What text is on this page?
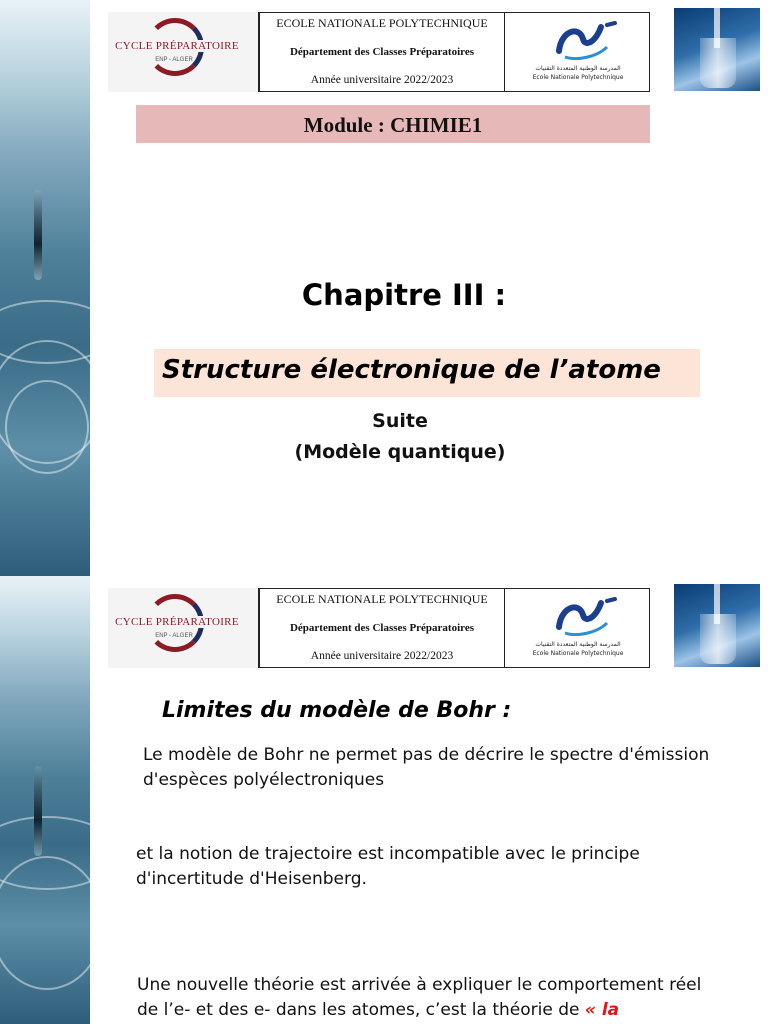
CYCLE PRÉPARATOIRE
ENP - ALGER
ECOLE NATIONALE POLYTECHNIQUE
Département des Classes Préparatoires
Année universitaire 2022/2023
المدرسة الوطنية المتعددة التقنيات
Ecole Nationale Polytechnique
Module : CHIMIE1
Chapitre III :
Structure électronique de l’atome
Suite
(Modèle quantique)
CYCLE PRÉPARATOIRE
ENP - ALGER
ECOLE NATIONALE POLYTECHNIQUE
Département des Classes Préparatoires
Année universitaire 2022/2023
المدرسة الوطنية المتعددة التقنيات
Ecole Nationale Polytechnique
Limites du modèle de Bohr :
Le modèle de Bohr ne permet pas de décrire le spectre d'émission
d'espèces polyélectroniques
et la notion de trajectoire est incompatible avec le principe
d'incertitude d'Heisenberg.
Une nouvelle théorie est arrivée à expliquer le comportement réel
de l’e- et des e- dans les atomes, c’est la théorie de « la
